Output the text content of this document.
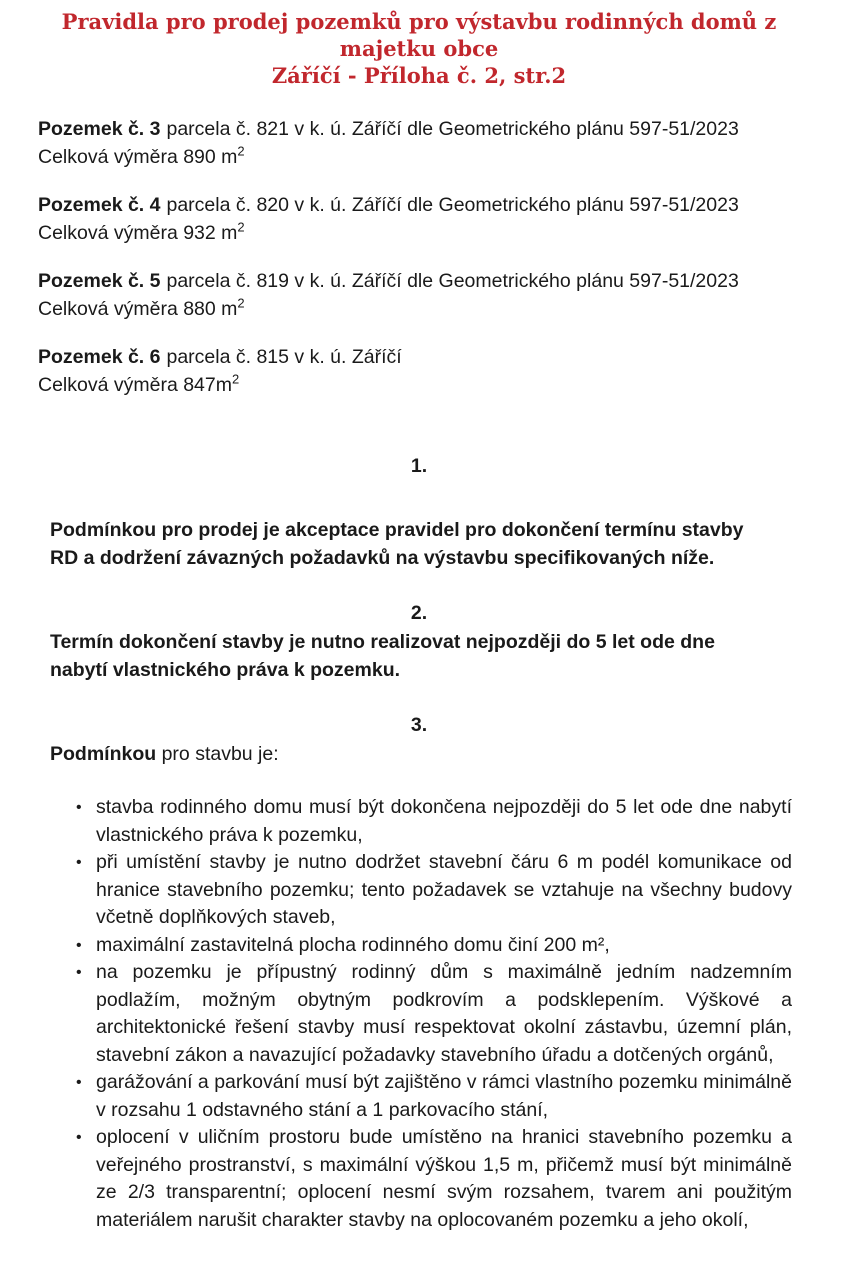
Pravidla pro prodej pozemků pro výstavbu rodinných domů z majetku obce
Záříčí - Příloha č. 2, str.2
Pozemek č. 3 parcela č. 821 v k. ú. Záříčí dle Geometrického plánu 597-51/2023
Celková výměra 890 $m^2$
Pozemek č. 4 parcela č. 820 v k. ú. Záříčí dle Geometrického plánu 597-51/2023
Celková výměra 932 $m^2$
Pozemek č. 5 parcela č. 819 v k. ú. Záříčí dle Geometrického plánu 597-51/2023
Celková výměra 880 $m^2$
Pozemek č. 6 parcela č. 815 v k. ú. Záříčí
Celková výměra $847m^2$
1.
Podmínkou pro prodej je akceptace pravidel pro dokončení termínu stavby RD a dodržení závazných požadavků na výstavbu specifikovaných níže.
2.
Termín dokončení stavby je nutno realizovat nejpozději do 5 let ode dne nabytí vlastnického práva k pozemku.
3.
Podmínkou pro stavbu je:
• stavba rodinného domu musí být dokončena nejpozději do 5 let ode dne nabytí vlastnického práva k pozemku,
• při umístění stavby je nutno dodržet stavební čáru 6 m podél komunikace od hranice stavebního pozemku; tento požadavek se vztahuje na všechny budovy včetně doplňkových staveb,
• maximální zastavitelná plocha rodinného domu činí 200 m²,
• na pozemku je přípustný rodinný dům s maximálně jedním nadzemním podlažím, možným obytným podkrovím a podsklepením. Výškové a architektonické řešení stavby musí respektovat okolní zástavbu, územní plán, stavební zákon a navazující požadavky stavebního úřadu a dotčených orgánů,
• garážování a parkování musí být zajištěno v rámci vlastního pozemku minimálně v rozsahu 1 odstavného stání a 1 parkovacího stání,
• oplocení v uličním prostoru bude umístěno na hranici stavebního pozemku a veřejného prostranství, s maximální výškou 1,5 m, přičemž musí být minimálně ze 2/3 transparentní; oplocení nesmí svým rozsahem, tvarem ani použitým materiálem narušit charakter stavby na oplocovaném pozemku a jeho okolí,
